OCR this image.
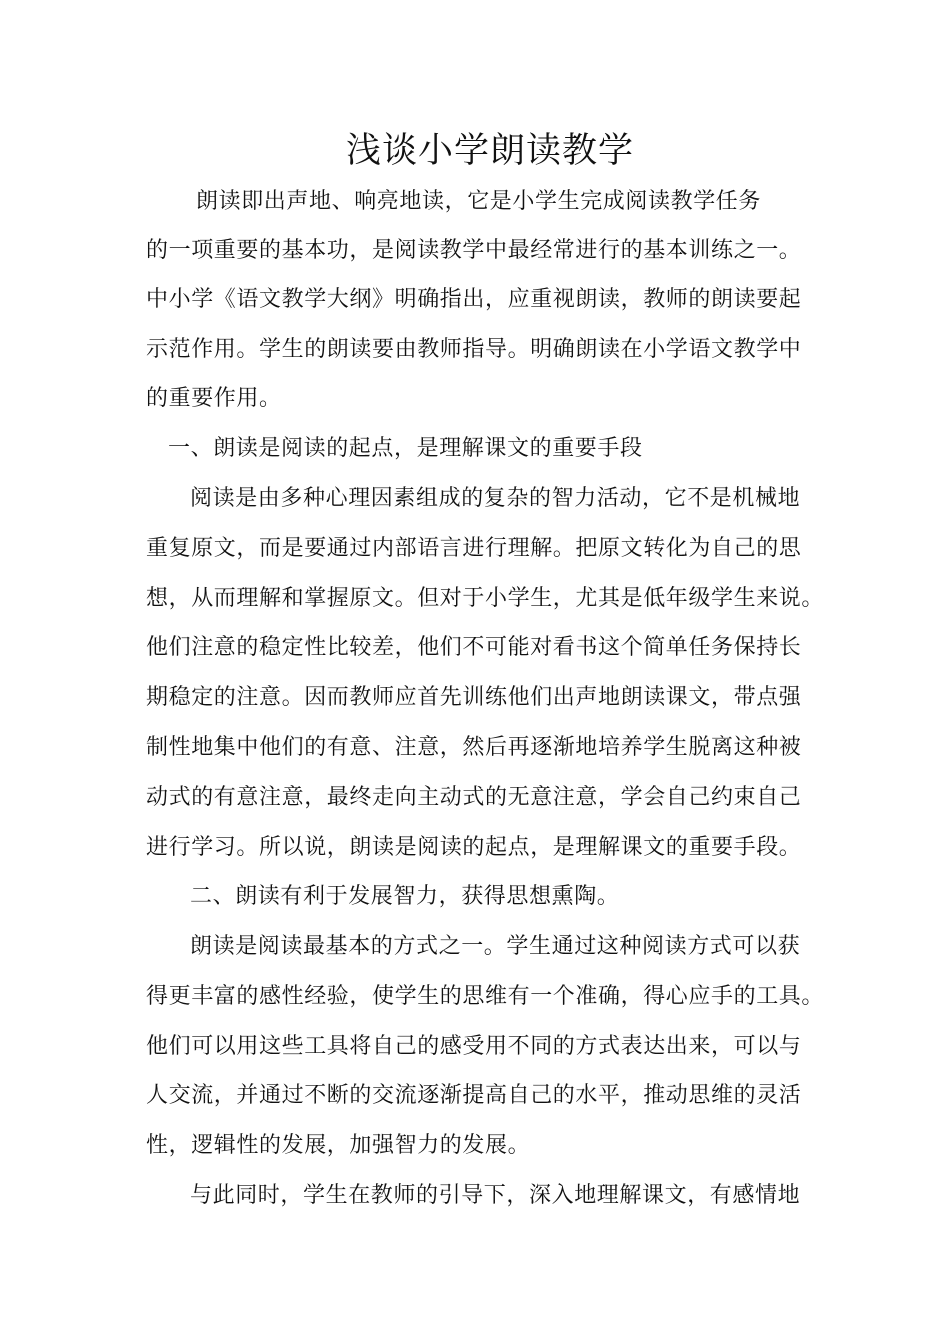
浅谈小学朗读教学

朗读即出声地、响亮地读，它是小学生完成阅读教学任务

的一项重要的基本功，是阅读教学中最经常进行的基本训练之一。

中小学《语文教学大纲》明确指出，应重视朗读，教师的朗读要起

示范作用。学生的朗读要由教师指导。明确朗读在小学语文教学中

的重要作用。

一、朗读是阅读的起点，是理解课文的重要手段

阅读是由多种心理因素组成的复杂的智力活动，它不是机械地

重复原文，而是要通过内部语言进行理解。把原文转化为自己的思

想，从而理解和掌握原文。但对于小学生，尤其是低年级学生来说。

他们注意的稳定性比较差，他们不可能对看书这个简单任务保持长

期稳定的注意。因而教师应首先训练他们出声地朗读课文，带点强

制性地集中他们的有意、注意，然后再逐渐地培养学生脱离这种被

动式的有意注意，最终走向主动式的无意注意，学会自己约束自己

进行学习。所以说，朗读是阅读的起点，是理解课文的重要手段。

二、朗读有利于发展智力，获得思想熏陶。

朗读是阅读最基本的方式之一。学生通过这种阅读方式可以获

得更丰富的感性经验，使学生的思维有一个准确，得心应手的工具。

他们可以用这些工具将自己的感受用不同的方式表达出来，可以与

人交流，并通过不断的交流逐渐提高自己的水平，推动思维的灵活

性，逻辑性的发展，加强智力的发展。

与此同时，学生在教师的引导下，深入地理解课文，有感情地
